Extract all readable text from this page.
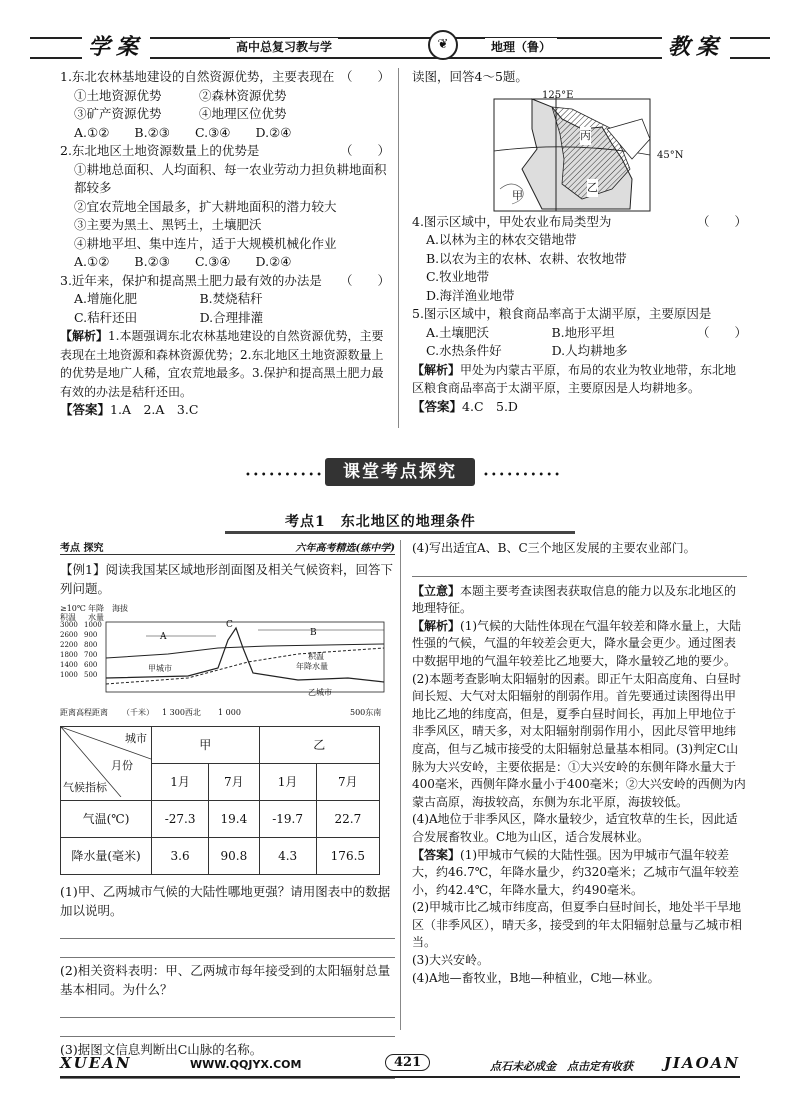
学案	高中总复习教与学	❦	地理（鲁）	教案

1.东北农林基地建设的自然资源优势，主要表现在 （　　）

①土地资源优势　　　②森林资源优势

③矿产资源优势　　　④地理区位优势

A.①②　　B.②③　　C.③④　　D.②④

2.东北地区土地资源数量上的优势是	（　　）

①耕地总面积、人均面积、每一农业劳动力担负耕地面积都较多

②宜农荒地全国最多，扩大耕地面积的潜力较大

③主要为黑土、黑钙土，土壤肥沃

④耕地平坦、集中连片，适于大规模机械化作业

A.①②　　B.②③　　C.③④　　D.②④

3.近年来，保护和提高黑土肥力最有效的办法是 （　　）

A.增施化肥　　　　　B.焚烧秸秆

C.秸秆还田　　　　　D.合理排灌

【解析】1.本题强调东北农林基地建设的自然资源优势，主要表现在土地资源和森林资源优势；2.东北地区土地资源数量上的优势是地广人稀，宜农荒地最多。3.保护和提高黑土肥力最有效的办法是秸秆还田。

【答案】1.A　2.A　3.C

读图，回答4～5题。

125°E
45°N
丙
乙
甲

4.图示区域中，甲处农业布局类型为	（　　）

A.以林为主的林农交错地带

B.以农为主的农林、农耕、农牧地带

C.牧业地带

D.海洋渔业地带

5.图示区域中，粮食商品率高于太湖平原，主要原因是
（　　）

A.土壤肥沃　　　　　B.地形平坦

C.水热条件好　　　　D.人均耕地多

【解析】甲处为内蒙古平原，布局的农业为牧业地带，东北地区粮食商品率高于太湖平原，主要原因是人均耕地多。

【答案】4.C　5.D

••••••••••	课堂考点探究	••••••••••
考点1　东北地区的地理条件
考点 探究	六年高考精选(练中学)

【例1】阅读我国某区域地形剖面图及相关气候资料，回答下列问题。

≥10℃积温
年降水量
海拔
3000
2600
2200
1800
1400
1000
1000
900
800
700
600
500
A
C
B
甲城市
乙城市
积温
年降水量
距离高程距离 （千米） 1 300西北 1 000	500东南
城市
月份
气候指标	甲		乙	
	1月	7月	1月	7月
气温(℃)	-27.3	19.4	-19.7	22.7
降水量(毫米)	3.6	90.8	4.3	176.5

(1)甲、乙两城市气候的大陆性哪地更强？请用图表中的数据加以说明。

(2)相关资料表明：甲、乙两城市每年接受到的太阳辐射总量基本相同。为什么？

(3)据图文信息判断出C山脉的名称。

(4)写出适宜A、B、C三个地区发展的主要农业部门。

【立意】本题主要考查读图表获取信息的能力以及东北地区的地理特征。

【解析】(1)气候的大陆性体现在气温年较差和降水量上，大陆性强的气候，气温的年较差会更大，降水量会更少。通过图表中数据甲地的气温年较差比乙地要大，降水量较乙地的要少。

(2)本题考查影响太阳辐射的因素。即正午太阳高度角、白昼时间长短、大气对太阳辐射的削弱作用。首先要通过读图得出甲地比乙地的纬度高，但是，夏季白昼时间长，再加上甲地位于非季风区，晴天多，对太阳辐射削弱作用小，因此尽管甲地纬度高，但与乙城市接受的太阳辐射总量基本相同。(3)判定C山脉为大兴安岭，主要依据是：①大兴安岭的东侧年降水量大于400毫米，西侧年降水量小于400毫米；②大兴安岭的西侧为内蒙古高原，海拔较高，东侧为东北平原，海拔较低。

(4)A地位于非季风区，降水量较少，适宜牧草的生长，因此适合发展畜牧业。C地为山区，适合发展林业。

【答案】(1)甲城市气候的大陆性强。因为甲城市气温年较差大，约46.7℃，年降水量少，约320毫米；乙城市气温年较差小，约42.4℃，年降水量大，约490毫米。

(2)甲城市比乙城市纬度高，但夏季白昼时间长，地处半干旱地区（非季风区），晴天多，接受到的年太阳辐射总量与乙城市相当。

(3)大兴安岭。

(4)A地—畜牧业，B地—种植业，C地—林业。

XUEAN	WWW.QQJYX.COM	421	点石未必成金　点击定有收获 JIAOAN
